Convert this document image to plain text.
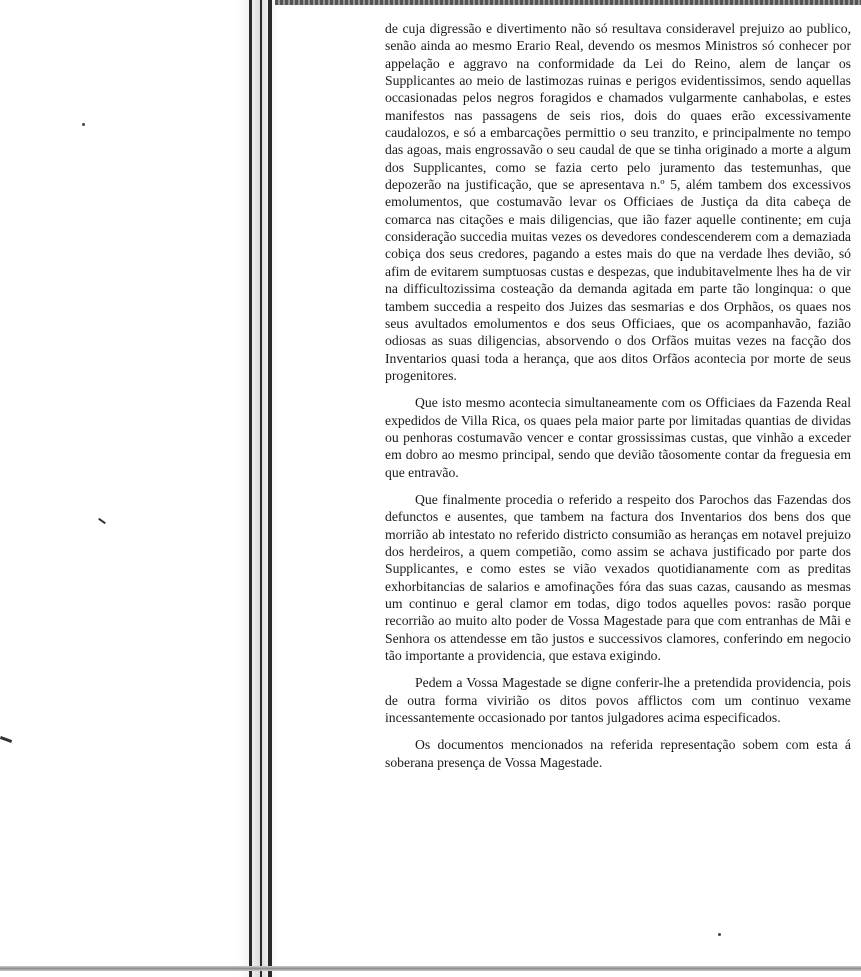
de cuja digressão e divertimento não só resultava consideravel prejuizo ao publico, senão ainda ao mesmo Erario Real, devendo os mesmos Ministros só conhecer por appelação e aggravo na conformidade da Lei do Reino, alem de lançar os Supplicantes ao meio de lastimozas ruinas e perigos evidentissimos, sendo aquellas occasionadas pelos negros foragidos e chamados vulgarmente canhabolas, e estes manifestos nas passagens de seis rios, dois do quaes erão excessivamente caudalozos, e só a embarcações permittio o seu tranzito, e principalmente no tempo das agoas, mais engrossavão o seu caudal de que se tinha originado a morte a algum dos Supplicantes, como se fazia certo pelo juramento das testemunhas, que depozerão na justificação, que se apresentava n.º 5, além tambem dos excessivos emolumentos, que costumavão levar os Officiaes de Justiça da dita cabeça de comarca nas citações e mais diligencias, que ião fazer aquelle continente; em cuja consideração succedia muitas vezes os devedores condescenderem com a demaziada cobiça dos seus credores, pagando a estes mais do que na verdade lhes devião, só afim de evitarem sumptuosas custas e despezas, que indubitavelmente lhes ha de vir na difficultozissima costeação da demanda agitada em parte tão longinqua: o que tambem succedia a respeito dos Juizes das sesmarias e dos Orphãos, os quaes nos seus avultados emolumentos e dos seus Officiaes, que os acompanhavão, fazião odiosas as suas diligencias, absorvendo o dos Orfãos muitas vezes na facção dos Inventarios quasi toda a herança, que aos ditos Orfãos acontecia por morte de seus progenitores.

Que isto mesmo acontecia simultaneamente com os Officiaes da Fazenda Real expedidos de Villa Rica, os quaes pela maior parte por limitadas quantias de dividas ou penhoras costumavão vencer e contar grossissimas custas, que vinhão a exceder em dobro ao mesmo principal, sendo que devião tãosomente contar da freguesia em que entravão.

Que finalmente procedia o referido a respeito dos Parochos das Fazendas dos defunctos e ausentes, que tambem na factura dos Inventarios dos bens dos que morrião ab intestato no referido districto consumião as heranças em notavel prejuizo dos herdeiros, a quem competião, como assim se achava justificado por parte dos Supplicantes, e como estes se vião vexados quotidianamente com as preditas exhorbitancias de salarios e amofinações fóra das suas cazas, causando as mesmas um continuo e geral clamor em todas, digo todos aquelles povos: rasão porque recorrião ao muito alto poder de Vossa Magestade para que com entranhas de Mãi e Senhora os attendesse em tão justos e successivos clamores, conferindo em negocio tão importante a providencia, que estava exigindo.

Pedem a Vossa Magestade se digne conferir-lhe a pretendida providencia, pois de outra forma vivirião os ditos povos afflictos com um continuo vexame incessantemente occasionado por tantos julgadores acima especificados.

Os documentos mencionados na referida representação sobem com esta á soberana presença de Vossa Magestade.
